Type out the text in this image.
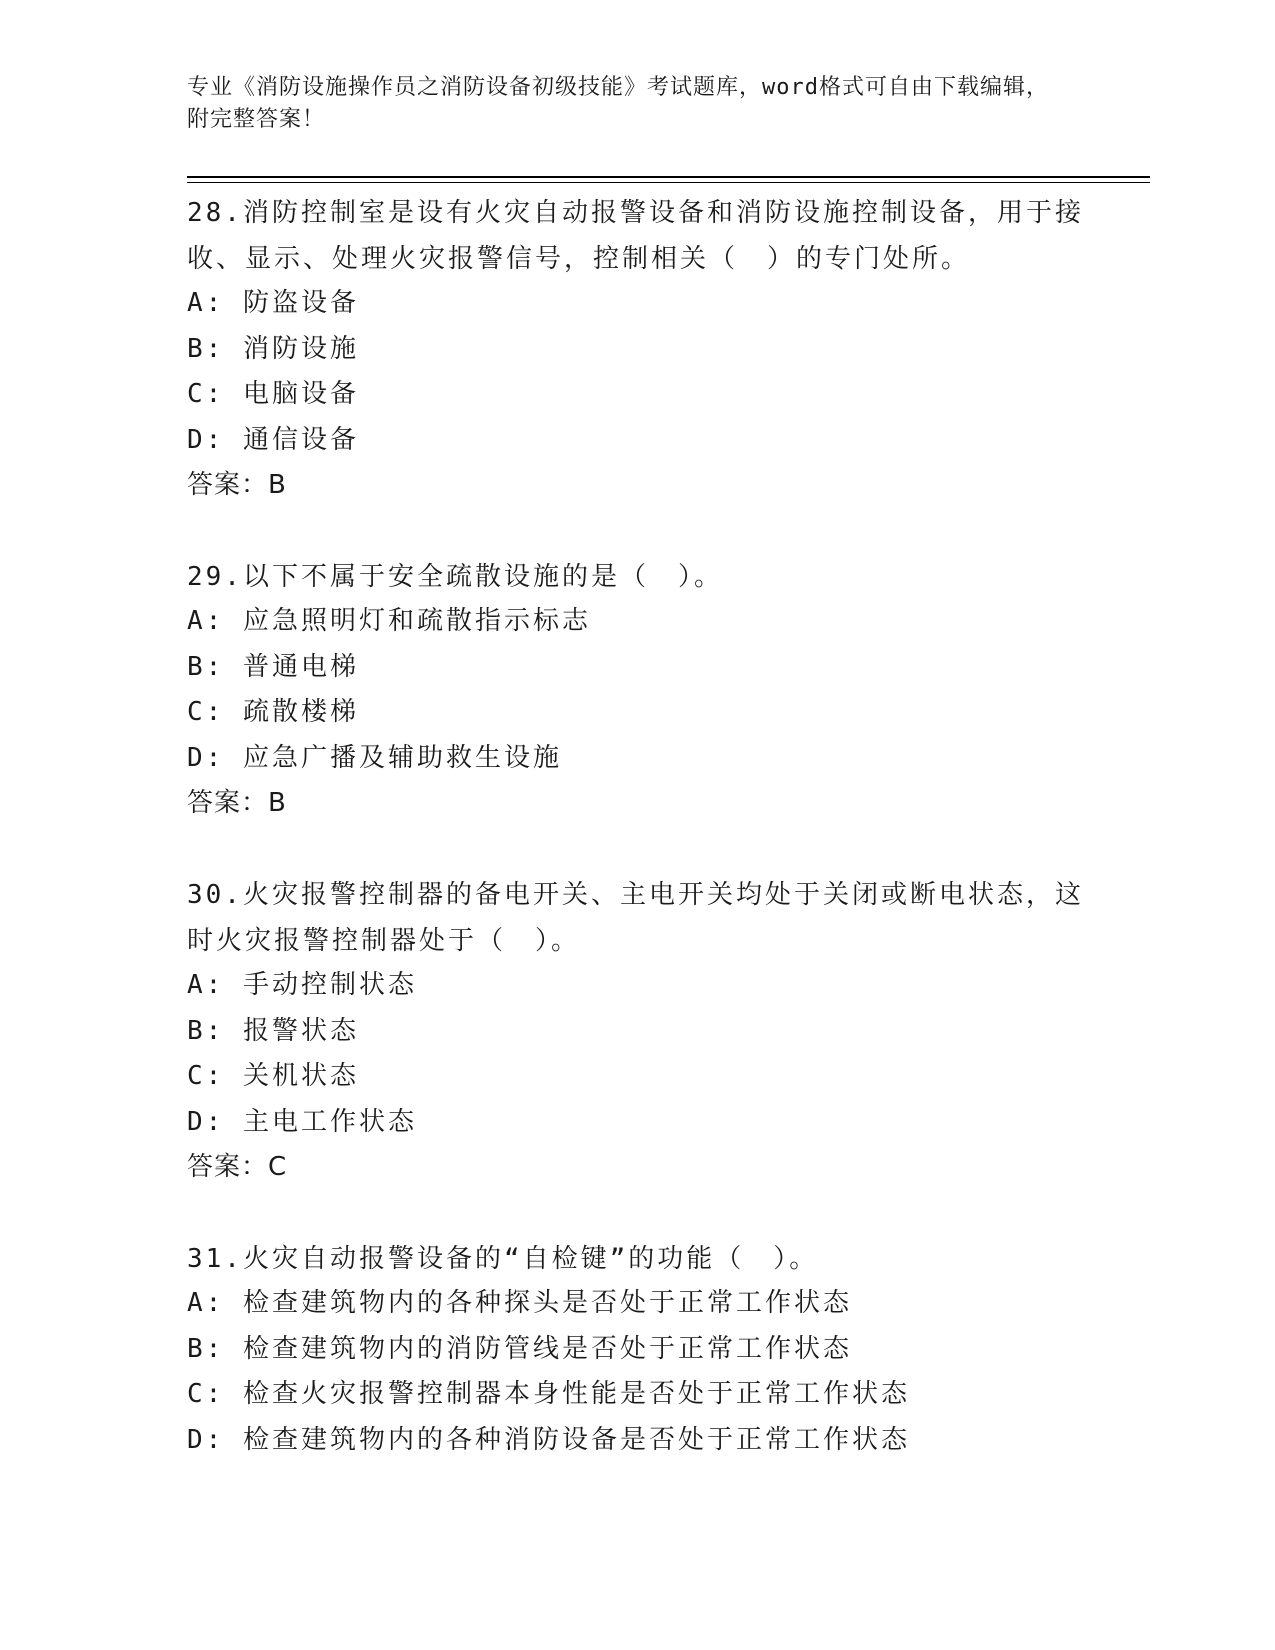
专业《消防设施操作员之消防设备初级技能》考试题库，word格式可自由下载编辑，附完整答案！
28.消防控制室是设有火灾自动报警设备和消防设施控制设备，用于接收、显示、处理火灾报警信号，控制相关（　）的专门处所。
A: 防盗设备
B: 消防设施
C: 电脑设备
D: 通信设备
答案：B
29.以下不属于安全疏散设施的是（　）。
A: 应急照明灯和疏散指示标志
B: 普通电梯
C: 疏散楼梯
D: 应急广播及辅助救生设施
答案：B
30.火灾报警控制器的备电开关、主电开关均处于关闭或断电状态，这时火灾报警控制器处于（　）。
A: 手动控制状态
B: 报警状态
C: 关机状态
D: 主电工作状态
答案：C
31.火灾自动报警设备的“自检键”的功能（　）。
A: 检查建筑物内的各种探头是否处于正常工作状态
B: 检查建筑物内的消防管线是否处于正常工作状态
C: 检查火灾报警控制器本身性能是否处于正常工作状态
D: 检查建筑物内的各种消防设备是否处于正常工作状态
